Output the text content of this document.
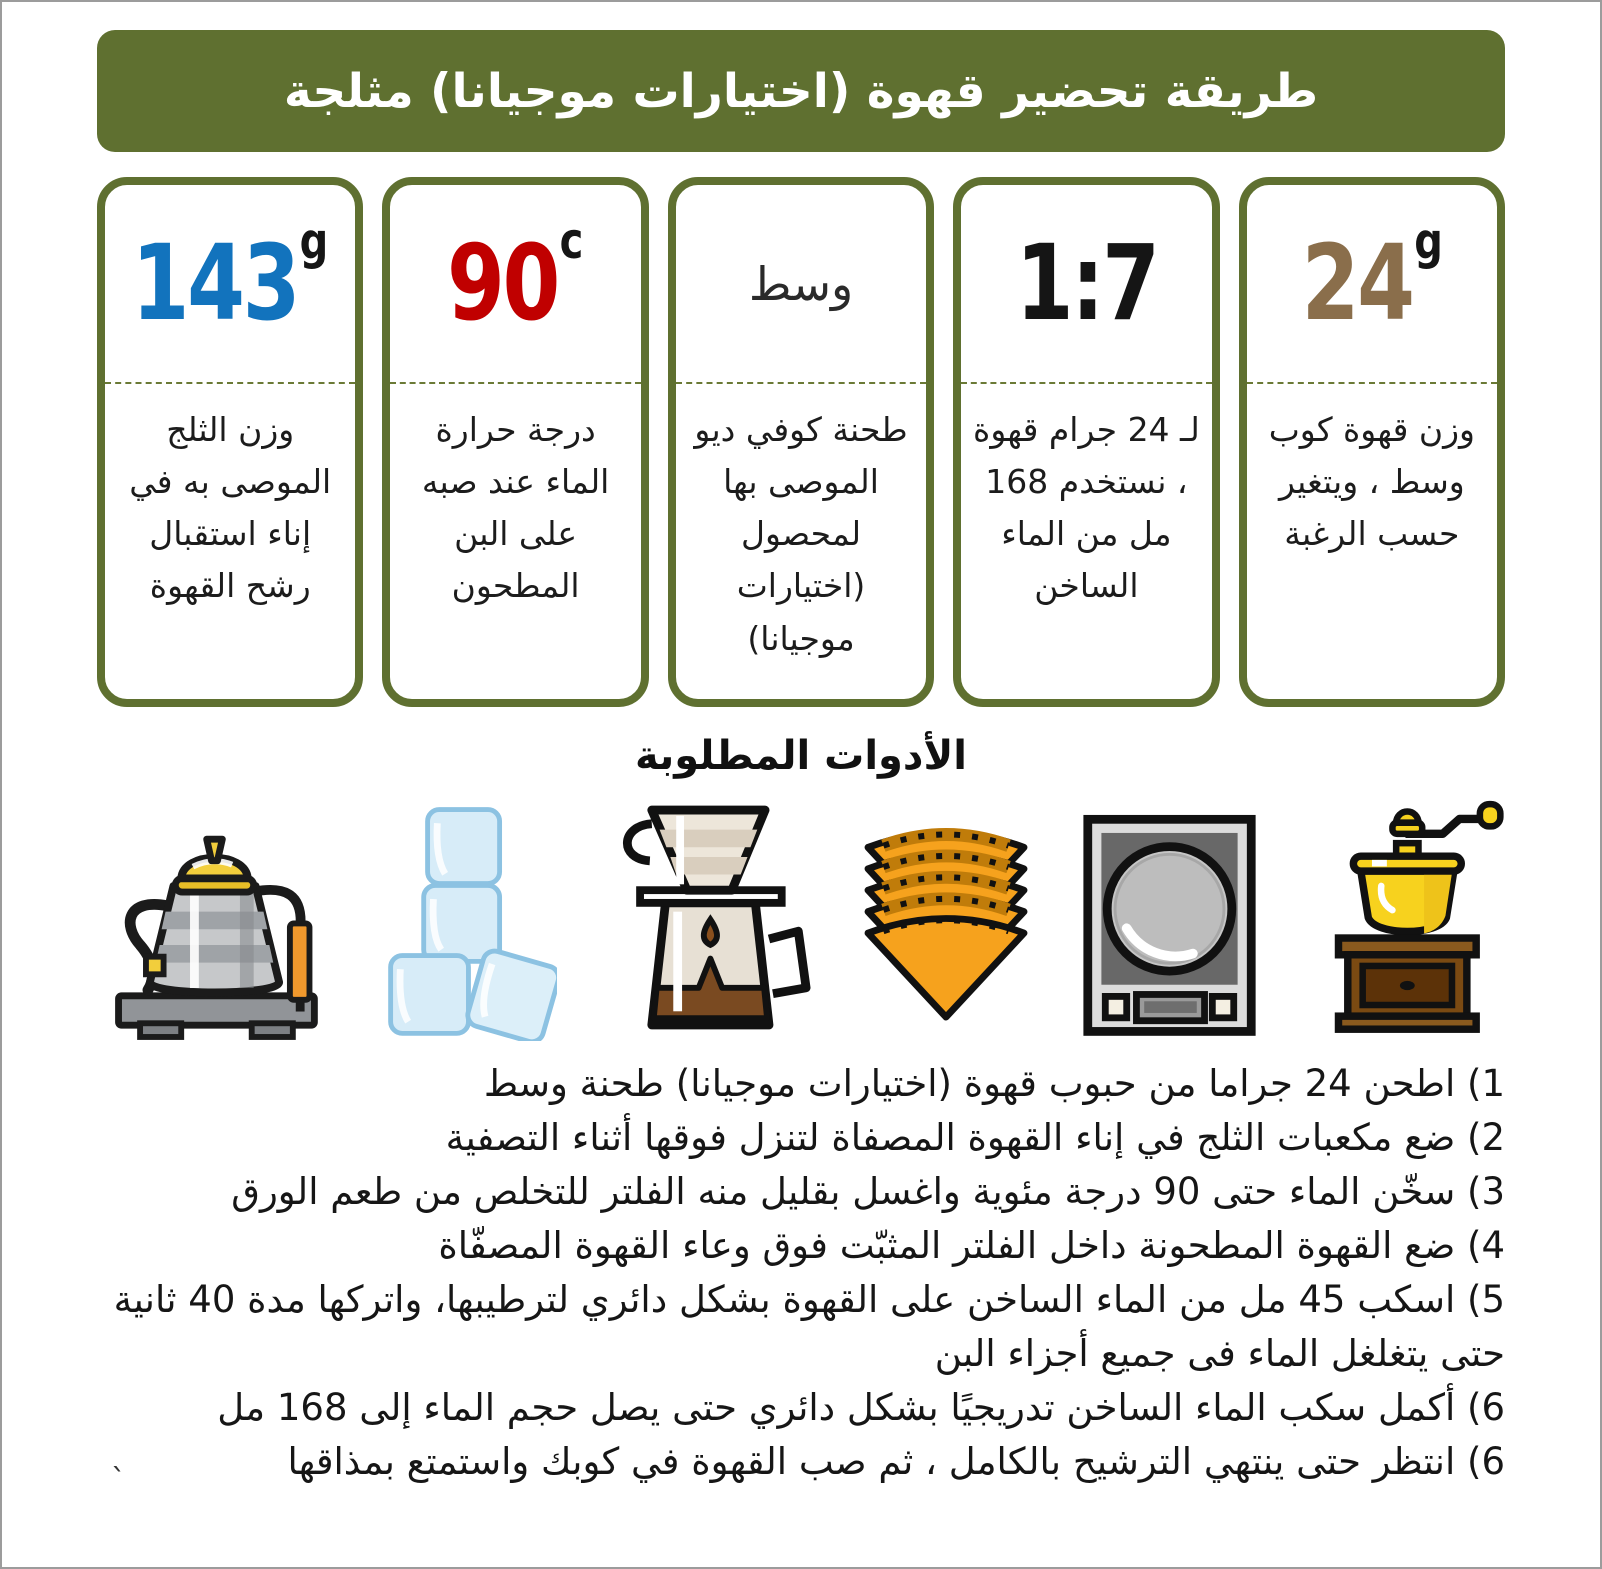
طريقة تحضير قهوة (اختيارات موجيانا) مثلجة
143 g
وزن الثلج الموصى به في إناء استقبال رشح القهوة
90 c
درجة حرارة الماء عند صبه على البن المطحون
وسط
طحنة كوفي ديو الموصى بها لمحصول (اختيارات موجيانا)
1:7
لـ 24 جرام قهوة ، نستخدم 168 مل من الماء الساخن
24 g
وزن قهوة كوب وسط ، ويتغير حسب الرغبة
الأدوات المطلوبة
1) اطحن 24 جراما من حبوب قهوة (اختيارات موجيانا) طحنة وسط
2) ضع مكعبات الثلج في إناء القهوة المصفاة لتنزل فوقها أثناء التصفية
3) سخّن الماء حتى 90 درجة مئوية واغسل بقليل منه الفلتر للتخلص من طعم الورق
4) ضع القهوة المطحونة داخل الفلتر المثبّت فوق وعاء القهوة المصفّاة
5) اسكب 45 مل من الماء الساخن على القهوة بشكل دائري لترطيبها، واتركها مدة 40 ثانية حتى يتغلغل الماء فى جميع أجزاء البن
6) أكمل سكب الماء الساخن تدريجيًا بشكل دائري حتى يصل حجم الماء إلى 168 مل
6) انتظر حتى ينتهي الترشيح بالكامل ، ثم صب القهوة في كوبك واستمتع بمذاقها
ˋ
